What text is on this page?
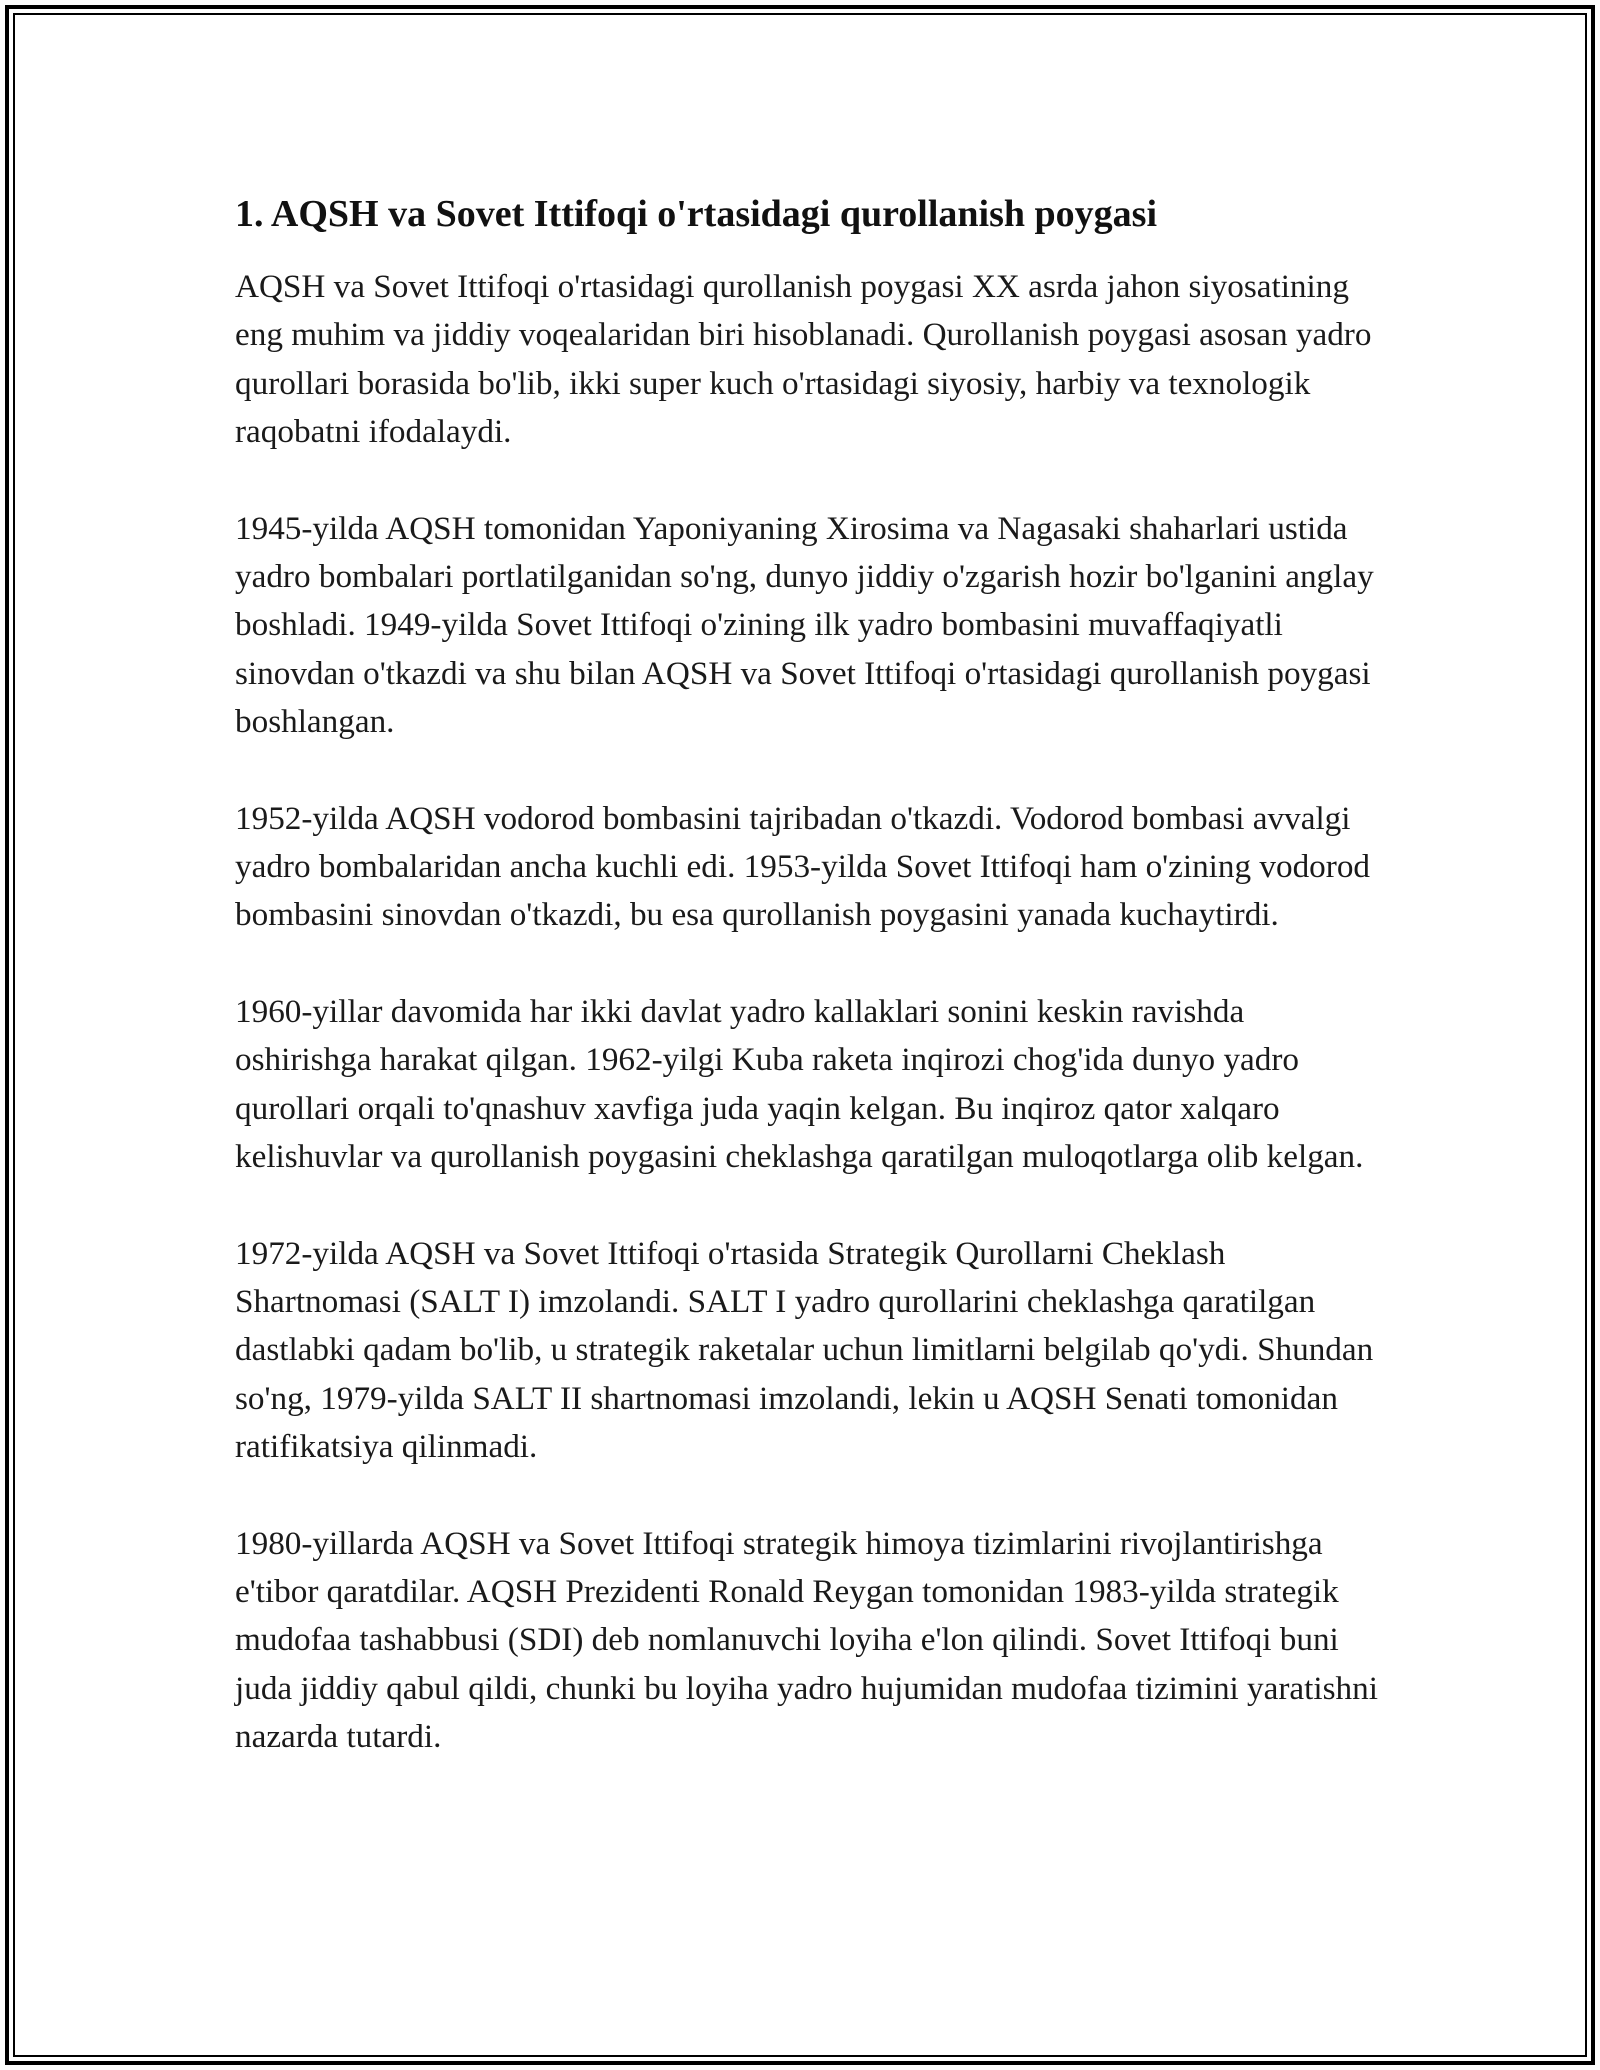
1. AQSH va Sovet Ittifoqi o'rtasidagi qurollanish poygasi

AQSH va Sovet Ittifoqi o'rtasidagi qurollanish poygasi XX asrda jahon siyosatining eng muhim va jiddiy voqealaridan biri hisoblanadi. Qurollanish poygasi asosan yadro qurollari borasida bo'lib, ikki super kuch o'rtasidagi siyosiy, harbiy va texnologik raqobatni ifodalaydi.

1945-yilda AQSH tomonidan Yaponiyaning Xirosima va Nagasaki shaharlari ustida yadro bombalari portlatilganidan so'ng, dunyo jiddiy o'zgarish hozir bo'lganini anglay boshladi. 1949-yilda Sovet Ittifoqi o'zining ilk yadro bombasini muvaffaqiyatli sinovdan o'tkazdi va shu bilan AQSH va Sovet Ittifoqi o'rtasidagi qurollanish poygasi boshlangan.

1952-yilda AQSH vodorod bombasini tajribadan o'tkazdi. Vodorod bombasi avvalgi yadro bombalaridan ancha kuchli edi. 1953-yilda Sovet Ittifoqi ham o'zining vodorod bombasini sinovdan o'tkazdi, bu esa qurollanish poygasini yanada kuchaytirdi.

1960-yillar davomida har ikki davlat yadro kallaklari sonini keskin ravishda oshirishga harakat qilgan. 1962-yilgi Kuba raketa inqirozi chog'ida dunyo yadro qurollari orqali to'qnashuv xavfiga juda yaqin kelgan. Bu inqiroz qator xalqaro kelishuvlar va qurollanish poygasini cheklashga qaratilgan muloqotlarga olib kelgan.

1972-yilda AQSH va Sovet Ittifoqi o'rtasida Strategik Qurollarni Cheklash Shartnomasi (SALT I) imzolandi. SALT I yadro qurollarini cheklashga qaratilgan dastlabki qadam bo'lib, u strategik raketalar uchun limitlarni belgilab qo'ydi. Shundan so'ng, 1979-yilda SALT II shartnomasi imzolandi, lekin u AQSH Senati tomonidan ratifikatsiya qilinmadi.

1980-yillarda AQSH va Sovet Ittifoqi strategik himoya tizimlarini rivojlantirishga e'tibor qaratdilar. AQSH Prezidenti Ronald Reygan tomonidan 1983-yilda strategik mudofaa tashabbusi (SDI) deb nomlanuvchi loyiha e'lon qilindi. Sovet Ittifoqi buni juda jiddiy qabul qildi, chunki bu loyiha yadro hujumidan mudofaa tizimini yaratishni nazarda tutardi.
